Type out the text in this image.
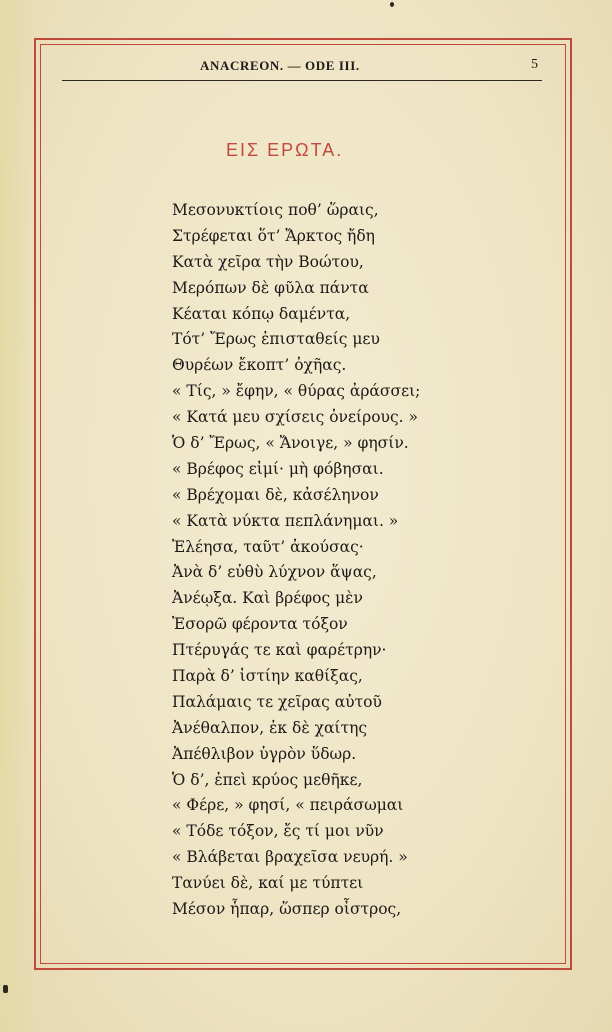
ANACREON. — ODE III.	5
ΕΙΣ ΕΡΩΤΑ.
Μεσονυκτίοις ποθ’ ὥραις,
Στρέφεται ὅτ’ Ἄρκτος ἤδη
Κατὰ χεῖρα τὴν Βοώτου,
Μερόπων δὲ φῦλα πάντα
Κέαται κόπῳ δαμέντα,
Τότ’ Ἔρως ἐπισταθείς μευ
Θυρέων ἔκοπτ’ ὀχῆας.
« Τίς, » ἔφην, « θύρας ἀράσσει;
« Κατά μευ σχίσεις ὀνείρους. »
Ὁ δ’ Ἔρως, « Ἄνοιγε, » φησίν.
« Βρέφος εἰμί· μὴ φόβησαι.
« Βρέχομαι δὲ, κἀσέληνον
« Κατὰ νύκτα πεπλάνημαι. »
Ἐλέησα, ταῦτ’ ἀκούσας·
Ἀνὰ δ’ εὐθὺ λύχνον ἅψας,
Ἀνέῳξα. Καὶ βρέφος μὲν
Ἐσορῶ φέροντα τόξον
Πτέρυγάς τε καὶ φαρέτρην·
Παρὰ δ’ ἱστίην καθίξας,
Παλάμαις τε χεῖρας αὐτοῦ
Ἀνέθαλπον, ἐκ δὲ χαίτης
Ἀπέθλιβον ὑγρὸν ὕδωρ.
Ὁ δ’, ἐπεὶ κρύος μεθῆκε,
« Φέρε, » φησί, « πειράσωμαι
« Τόδε τόξον, ἔς τί μοι νῦν
« Βλάβεται βραχεῖσα νευρή. »
Τανύει δὲ, καί με τύπτει
Μέσον ἧπαρ, ὥσπερ οἶστρος,
